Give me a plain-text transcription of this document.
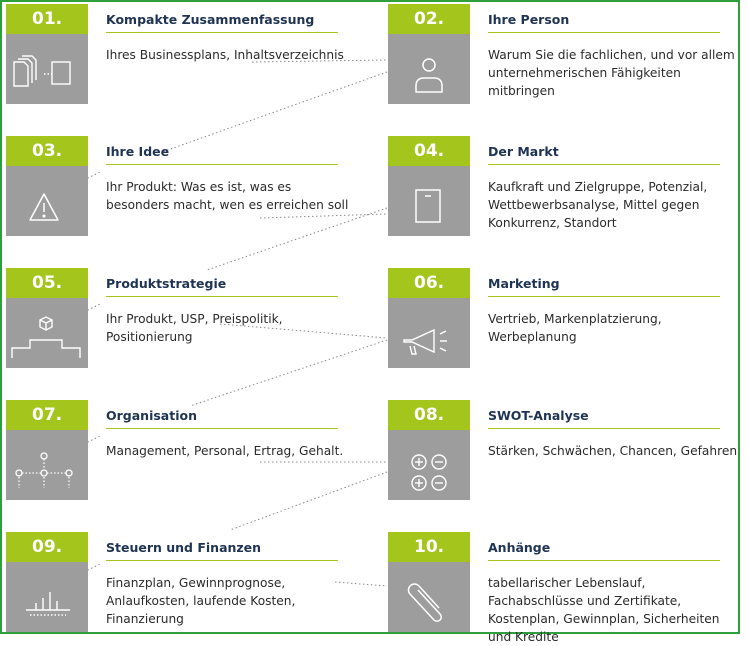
01.	Kompakte Zusammenfassung
Ihres Businessplans, Inhaltsverzeichnis
02.	Ihre Person
Warum Sie die fachlichen, und vor allem unternehmerischen Fähigkeiten mitbringen
03.	Ihre Idee
Ihr Produkt: Was es ist, was es besonders macht, wen es erreichen soll
04.	Der Markt
Kaufkraft und Zielgruppe, Potenzial, Wettbewerbsanalyse, Mittel gegen Konkurrenz, Standort
05.	Produktstrategie
Ihr Produkt, USP, Preispolitik, Positionierung
06.	Marketing
Vertrieb, Markenplatzierung, Werbeplanung
07.	Organisation
Management, Personal, Ertrag, Gehalt.
08.	SWOT-Analyse
Stärken, Schwächen, Chancen, Gefahren
09.	Steuern und Finanzen
Finanzplan, Gewinnprognose, Anlaufkosten, laufende Kosten, Finanzierung
10.	Anhänge
tabellarischer Lebenslauf, Fachabschlüsse und Zertifikate, Kostenplan, Gewinnplan, Sicherheiten und Kredite
